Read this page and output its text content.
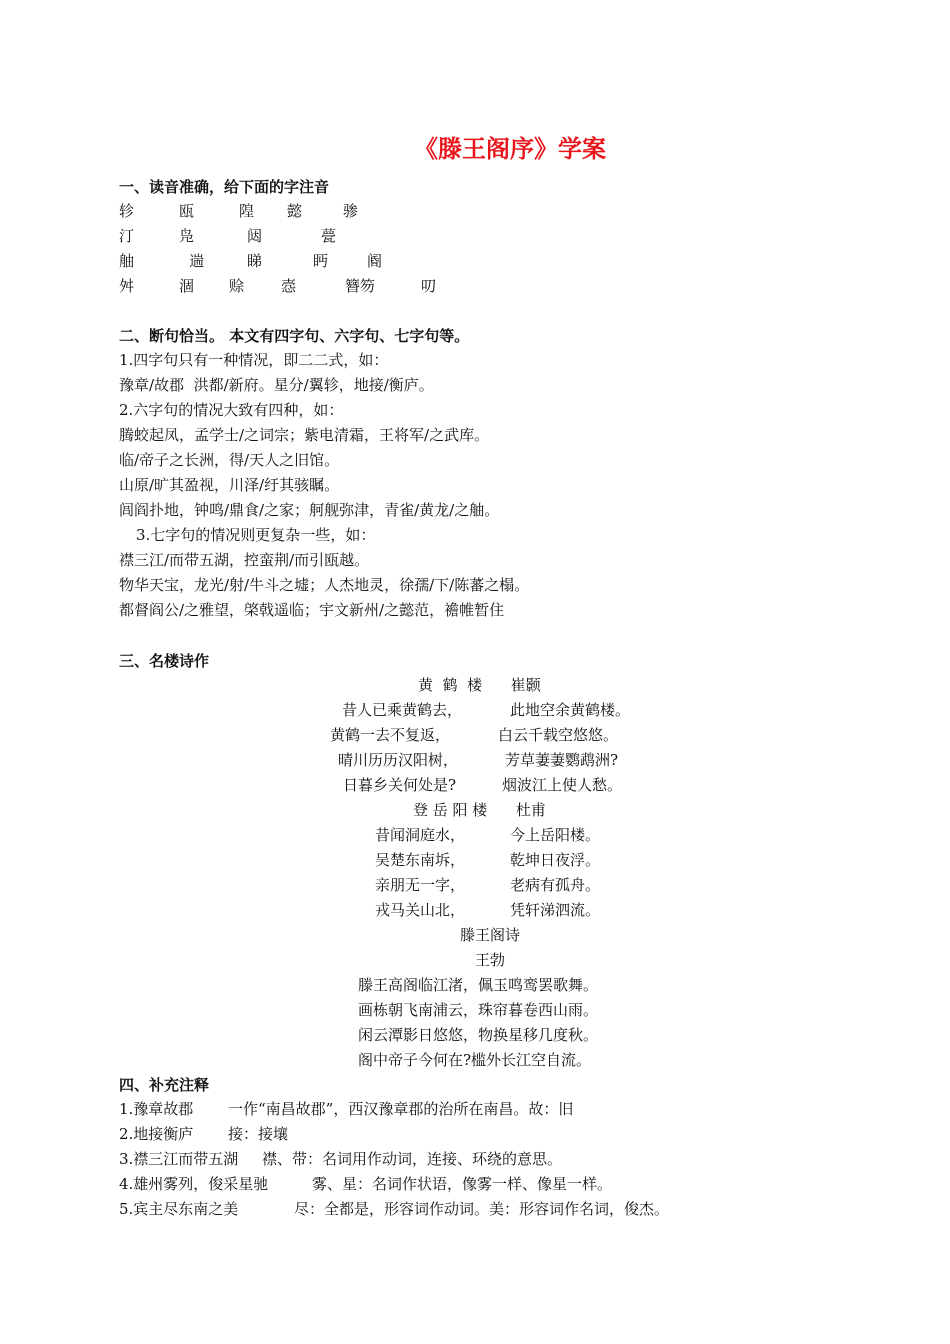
《滕王阁序》学案
一、读音准确，给下面的字注音
轸	瓯	隍 懿	骖
汀	凫	闼	甍
舳	遄	睇	眄	阍
舛	涸 赊 悫	簪笏	叨
二、断句恰当。 本文有四字句、六字句、七字句等。

1.四字句只有一种情况，即二二式，如：

豫章/故郡  洪都/新府。星分/翼轸，地接/衡庐。

2.六字句的情况大致有四种，如：

腾蛟起凤，孟学士/之词宗；紫电清霜，王将军/之武库。

临/帝子之长洲，得/天人之旧馆。

山原/旷其盈视，川泽/纡其骇瞩。

闾阎扑地，钟鸣/鼎食/之家；舸舰弥津，青雀/黄龙/之舳。

3.七字句的情况则更复杂一些，如：

襟三江/而带五湖，控蛮荆/而引瓯越。

物华天宝，龙光/射/牛斗之墟；人杰地灵，徐孺/下/陈蕃之榻。

都督阎公/之雅望，棨戟遥临；宇文新州/之懿范，襜帷暂住

三、名楼诗作

黄  鹤  楼      崔颢

昔人已乘黄鹤去，	此地空余黄鹤楼。

黄鹤一去不复返，	白云千载空悠悠。

晴川历历汉阳树，	芳草萋萋鹦鹉洲?

日暮乡关何处是?	烟波江上使人愁。

登 岳 阳 楼      杜甫

昔闻洞庭水，	今上岳阳楼。

吴楚东南坼，	乾坤日夜浮。

亲朋无一字，	老病有孤舟。

戎马关山北，	凭轩涕泗流。

滕王阁诗

王勃

滕王高阁临江渚，佩玉鸣鸾罢歌舞。

画栋朝飞南浦云，珠帘暮卷西山雨。

闲云潭影日悠悠，物换星移几度秋。

阁中帝子今何在?槛外长江空自流。

四、补充注释

1.豫章故郡 一作“南昌故郡”，西汉豫章郡的治所在南昌。故：旧

2.地接衡庐 接：接壤

3.襟三江而带五湖 襟、带：名词用作动词，连接、环绕的意思。

4.雄州雾列，俊采星驰	雾、星：名词作状语，像雾一样、像星一样。

5.宾主尽东南之美	尽：全都是，形容词作动词。美：形容词作名词，俊杰。
